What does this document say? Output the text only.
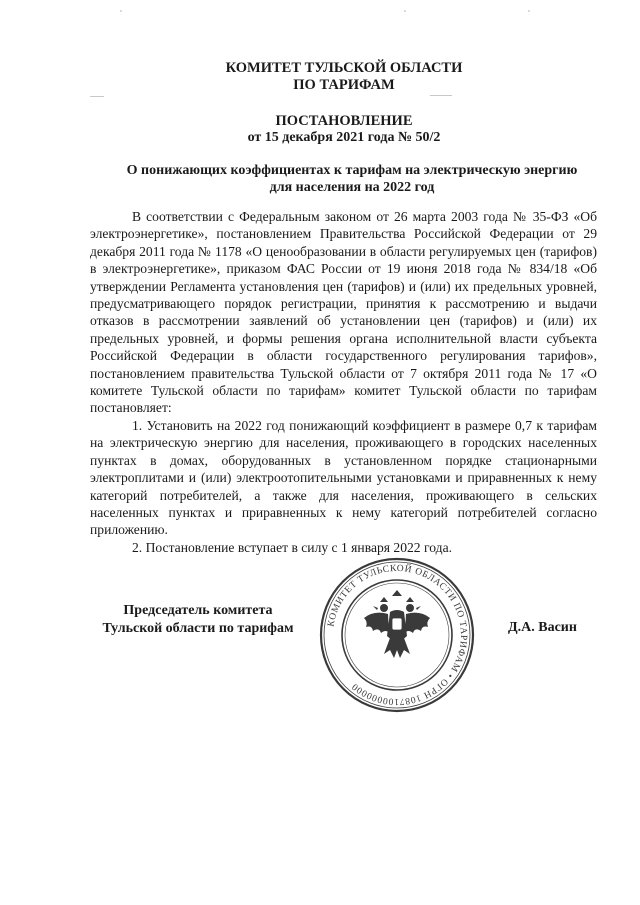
КОМИТЕТ ТУЛЬСКОЙ ОБЛАСТИ
ПО ТАРИФАМ
ПОСТАНОВЛЕНИЕ
от 15 декабря 2021 года № 50/2
О понижающих коэффициентах к тарифам на электрическую энергию
для населения на 2022 год

В соответствии с Федеральным законом от 26 марта 2003 года № 35-ФЗ «Об электроэнергетике», постановлением Правительства Российской Федерации от 29 декабря 2011 года № 1178 «О ценообразовании в области регулируемых цен (тарифов) в электроэнергетике», приказом ФАС России от 19 июня 2018 года № 834/18 «Об утверждении Регламента установления цен (тарифов) и (или) их предельных уровней, предусматривающего порядок регистрации, принятия к рассмотрению и выдачи отказов в рассмотрении заявлений об установлении цен (тарифов) и (или) их предельных уровней, и формы решения органа исполнительной власти субъекта Российской Федерации в области государственного регулирования тарифов», постановлением правительства Тульской области от 7 октября 2011 года № 17 «О комитете Тульской области по тарифам» комитет Тульской области по тарифам постановляет:

1. Установить на 2022 год понижающий коэффициент в размере 0,7 к тарифам на электрическую энергию для населения, проживающего в городских населенных пунктах в домах, оборудованных в установленном порядке стационарными электроплитами и (или) электроотопительными установками и приравненных к нему категорий потребителей, а также для населения, проживающего в сельских населенных пунктах и приравненных к нему категорий потребителей согласно приложению.

2. Постановление вступает в силу с 1 января 2022 года.

Председатель комитета
Тульской области по тарифам	КОМИТЕТ ТУЛЬСКОЙ ОБЛАСТИ ПО ТАРИФАМ • ОГРН 1087100000000
Д.А. Васин
